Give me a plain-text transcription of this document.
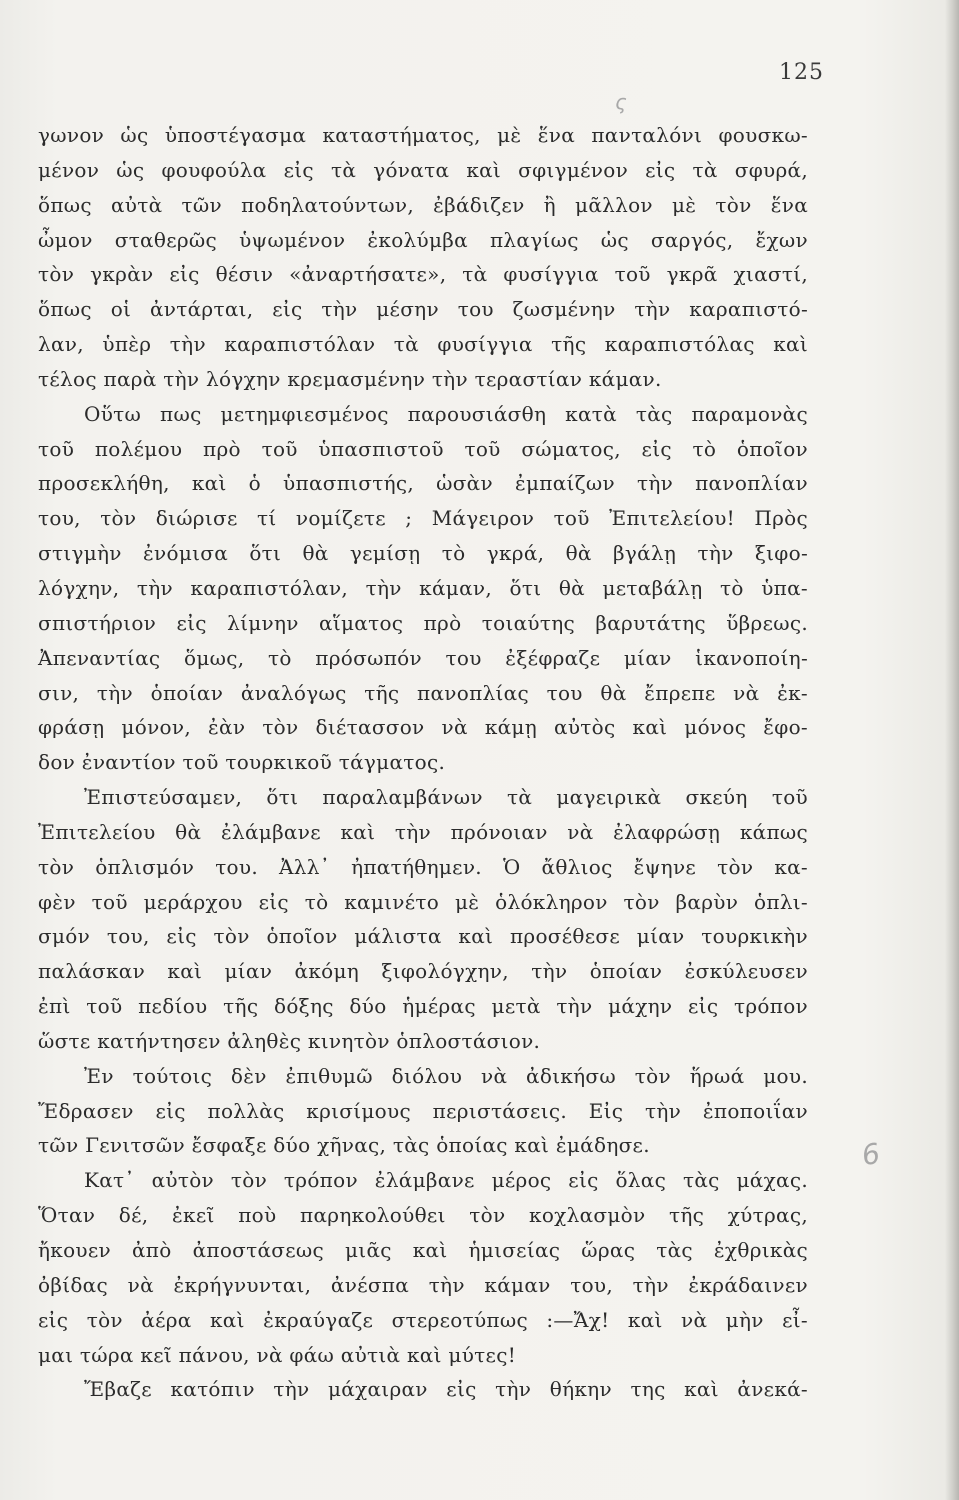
125
ς
6
γωνον ὡς ὑποστέγασμα καταστήματος, μὲ ἕνα πανταλόνι φουσκω-
μένον ὡς φουφούλα εἰς τὰ γόνατα καὶ σφιγμένον εἰς τὰ σφυρά,
ὅπως αὐτὰ τῶν ποδηλατούντων, ἐβάδιζεν ἢ μᾶλλον μὲ τὸν ἕνα
ὦμον σταθερῶς ὑψωμένον ἐκολύμβα πλαγίως ὡς σαργός, ἔχων
τὸν γκρὰν εἰς θέσιν «ἀναρτήσατε», τὰ φυσίγγια τοῦ γκρᾶ χιαστί,
ὅπως οἱ ἀντάρται, εἰς τὴν μέσην του ζωσμένην τὴν καραπιστό-
λαν, ὑπὲρ τὴν καραπιστόλαν τὰ φυσίγγια τῆς καραπιστόλας καὶ
τέλος παρὰ τὴν λόγχην κρεμασμένην τὴν τεραστίαν κάμαν.
Οὕτω πως μετημφιεσμένος παρουσιάσθη κατὰ τὰς παραμονὰς
τοῦ πολέμου πρὸ τοῦ ὑπασπιστοῦ τοῦ σώματος, εἰς τὸ ὁποῖον
προσεκλήθη, καὶ ὁ ὑπασπιστής, ὡσὰν ἐμπαίζων τὴν πανοπλίαν
του, τὸν διώρισε τί νομίζετε ; Μάγειρον τοῦ Ἐπιτελείου! Πρὸς
στιγμὴν ἐνόμισα ὅτι θὰ γεμίσῃ τὸ γκρά, θὰ βγάλῃ τὴν ξιφο-
λόγχην, τὴν καραπιστόλαν, τὴν κάμαν, ὅτι θὰ μεταβάλῃ τὸ ὑπα-
σπιστήριον εἰς λίμνην αἵματος πρὸ τοιαύτης βαρυτάτης ὕβρεως.
Ἀπεναντίας ὅμως, τὸ πρόσωπόν του ἐξέφραζε μίαν ἱκανοποίη-
σιν, τὴν ὁποίαν ἀναλόγως τῆς πανοπλίας του θὰ ἔπρεπε νὰ ἐκ-
φράσῃ μόνον, ἐὰν τὸν διέτασσον νὰ κάμῃ αὐτὸς καὶ μόνος ἔφο-
δον ἐναντίον τοῦ τουρκικοῦ τάγματος.
Ἐπιστεύσαμεν, ὅτι παραλαμβάνων τὰ μαγειρικὰ σκεύη τοῦ
Ἐπιτελείου θὰ ἐλάμβανε καὶ τὴν πρόνοιαν νὰ ἐλαφρώσῃ κάπως
τὸν ὁπλισμόν του. Ἀλλ᾽ ἠπατήθημεν. Ὁ ἄθλιος ἔψηνε τὸν κα-
φὲν τοῦ μεράρχου εἰς τὸ καμινέτο μὲ ὁλόκληρον τὸν βαρὺν ὁπλι-
σμόν του, εἰς τὸν ὁποῖον μάλιστα καὶ προσέθεσε μίαν τουρκικὴν
παλάσκαν καὶ μίαν ἀκόμη ξιφολόγχην, τὴν ὁποίαν ἐσκύλευσεν
ἐπὶ τοῦ πεδίου τῆς δόξης δύο ἡμέρας μετὰ τὴν μάχην εἰς τρόπον
ὥστε κατήντησεν ἀληθὲς κινητὸν ὁπλοστάσιον.
Ἐν τούτοις δὲν ἐπιθυμῶ διόλου νὰ ἀδικήσω τὸν ἥρωά μου.
Ἔδρασεν εἰς πολλὰς κρισίμους περιστάσεις. Εἰς τὴν ἐποποιΐαν
τῶν Γενιτσῶν ἔσφαξε δύο χῆνας, τὰς ὁποίας καὶ ἐμάδησε.
Κατ᾽ αὐτὸν τὸν τρόπον ἐλάμβανε μέρος εἰς ὅλας τὰς μάχας.
Ὅταν δέ, ἐκεῖ ποὺ παρηκολούθει τὸν κοχλασμὸν τῆς χύτρας,
ἤκουεν ἀπὸ ἀποστάσεως μιᾶς καὶ ἡμισείας ὥρας τὰς ἐχθρικὰς
ὀβίδας νὰ ἐκρήγνυνται, ἀνέσπα τὴν κάμαν του, τὴν ἐκράδαινεν
εἰς τὸν ἀέρα καὶ ἐκραύγαζε στερεοτύπως :—Ἄχ! καὶ νὰ μὴν εἶ-
μαι τώρα κεῖ πάνου, νὰ φάω αὐτιὰ καὶ μύτες!
Ἔβαζε κατόπιν τὴν μάχαιραν εἰς τὴν θήκην της καὶ ἀνεκά-
